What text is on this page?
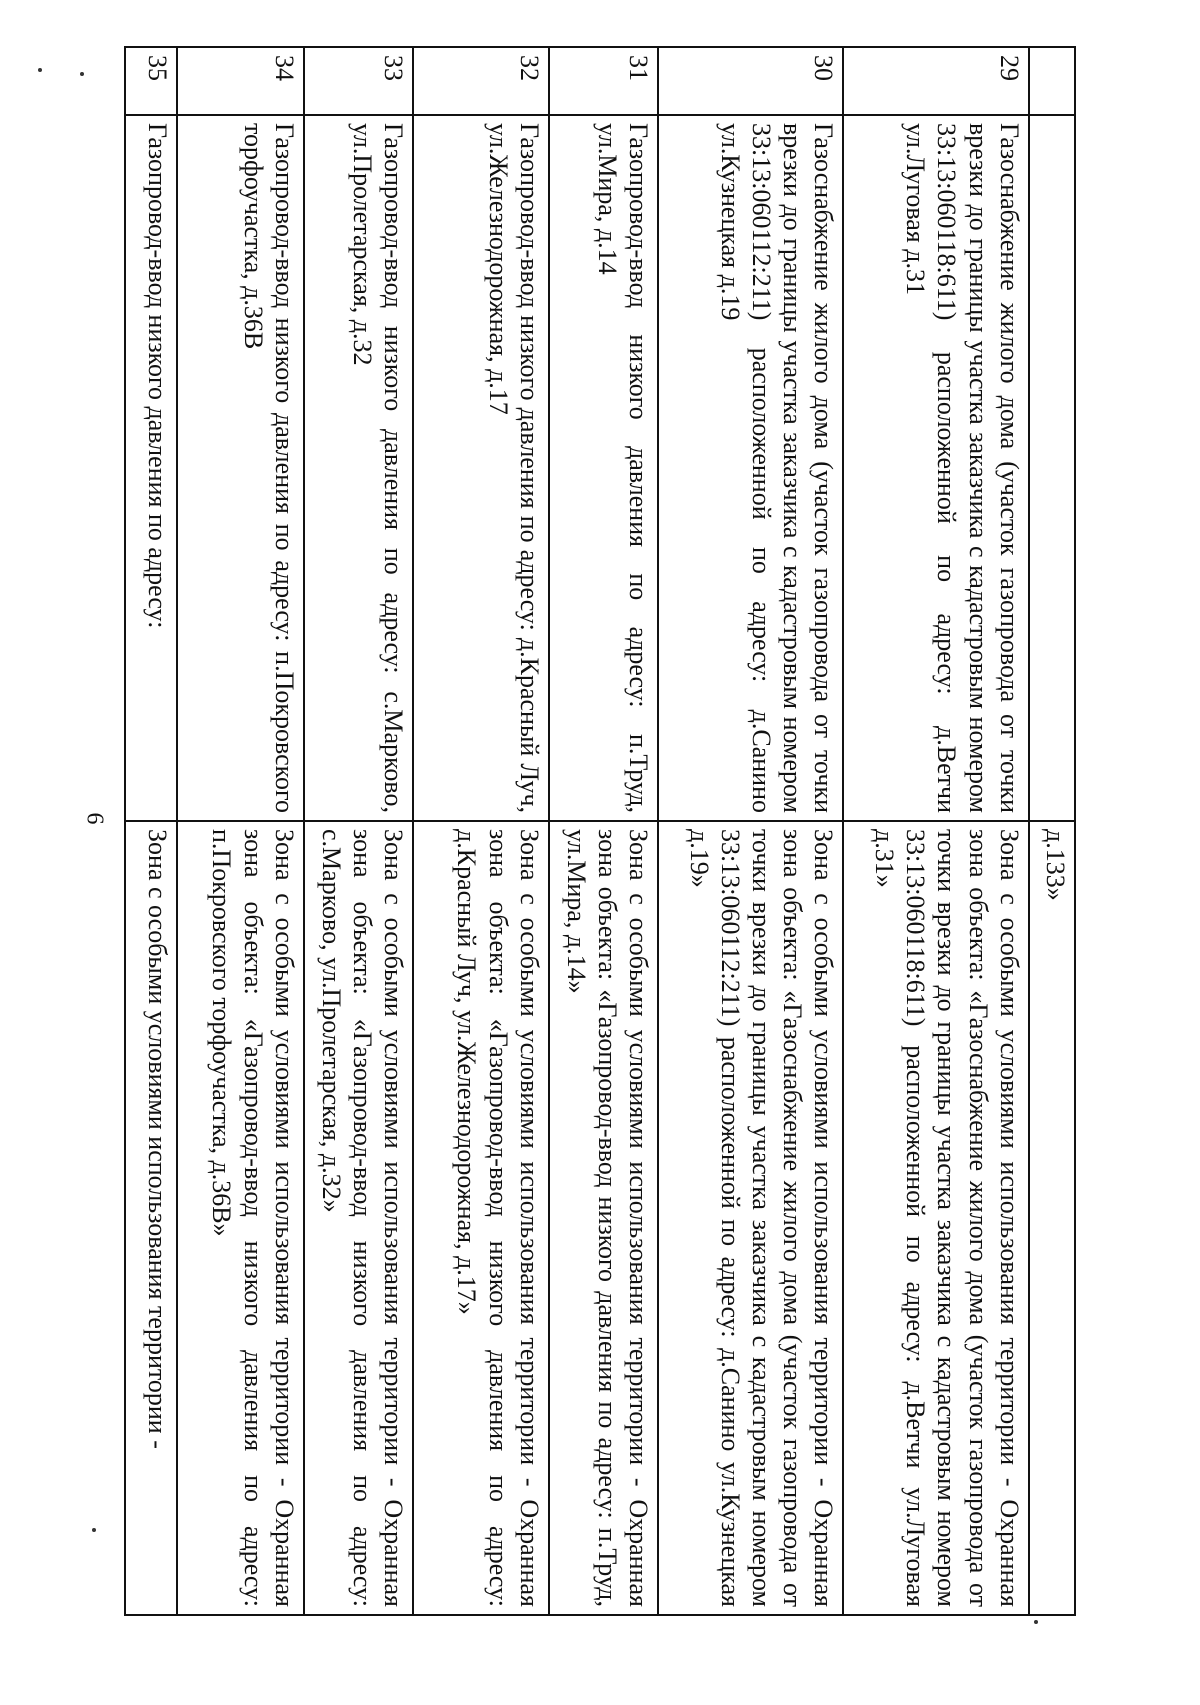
6
		д.133»
29	Газоснабжение жилого дома (участок газопровода от точки врезки до границы участка заказчика с кадастровым номером 33:13:060118:611) расположенной по адресу: д.Ветчи ул.Луговая д.31	Зона с особыми условиями использования территории - Охранная зона объекта: «Газоснабжение жилого дома (участок газопровода от точки врезки до границы участка заказчика с кадастровым номером 33:13:060118:611) расположенной по адресу: д.Ветчи ул.Луговая д.31»
30	Газоснабжение жилого дома (участок газопровода от точки врезки до границы участка заказчика с кадастровым номером 33:13:060112:211) расположенной по адресу: д.Санино ул.Кузнецкая д.19	Зона с особыми условиями использования территории - Охранная зона объекта: «Газоснабжение жилого дома (участок газопровода от точки врезки до границы участка заказчика с кадастровым номером 33:13:060112:211) расположенной по адресу: д.Санино ул.Кузнецкая д.19»
31	Газопровод-ввод низкого давления по адресу: п.Труд, ул.Мира, д.14	Зона с особыми условиями использования территории - Охранная зона объекта: «Газопровод-ввод низкого давления по адресу: п.Труд, ул.Мира, д.14»
32	Газопровод-ввод низкого давления по адресу: д.Красный Луч, ул.Железнодорожная, д.17	Зона с особыми условиями использования территории - Охранная зона объекта: «Газопровод-ввод низкого давления по адресу: д.Красный Луч, ул.Железнодорожная, д.17»
33	Газопровод-ввод низкого давления по адресу: с.Марково, ул.Пролетарская, д.32	Зона с особыми условиями использования территории - Охранная зона объекта: «Газопровод-ввод низкого давления по адресу: с.Марково, ул.Пролетарская, д.32»
34	Газопровод-ввод низкого давления по адресу: п.Покровского торфоучастка, д.36В	Зона с особыми условиями использования территории - Охранная зона объекта: «Газопровод-ввод низкого давления по адресу: п.Покровского торфоучастка, д.36В»
35	Газопровод-ввод низкого давления по адресу:	Зона с особыми условиями использования территории -
